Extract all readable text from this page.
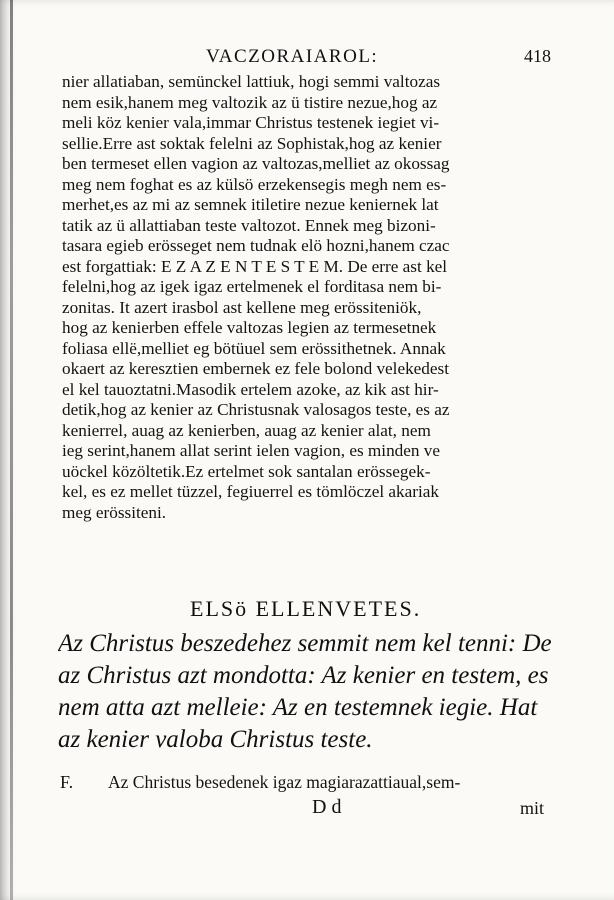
VACZORAIAROL:	418
nier allatiaban, semünckel lattiuk, hogi semmi valtozas
nem esik,hanem meg valtozik az ü tistire nezue,hog az
meli köz kenier vala,immar Christus testenek iegiet vi-
sellie.Erre ast soktak felelni az Sophistak,hog az kenier
ben termeset ellen vagion az valtozas,melliet az okossag
meg nem foghat es az külsö erzekensegis megh nem es-
merhet,es az mi az semnek itiletire nezue keniernek lat
tatik az ü allattiaban teste valtozot. Ennek meg bizoni-
tasara egieb erösseget nem tudnak elö hozni,hanem czac
est forgattiak: E Z A Z E N T E S T E M. De erre ast kel
felelni,hog az igek igaz ertelmenek el forditasa nem bi-
zonitas. It azert irasbol ast kellene meg erössiteniök,
hog az kenierben effele valtozas legien az termesetnek
foliasa ellë,melliet eg bötüuel sem erössithetnek. Annak
okaert az keresztien embernek ez fele bolond velekedest
el kel tauoztatni.Masodik ertelem azoke, az kik ast hir-
detik,hog az kenier az Christusnak valosagos teste, es az
kenierrel, auag az kenierben, auag az kenier alat, nem
ieg serint,hanem allat serint ielen vagion, es minden ve
uöckel közöltetik.Ez ertelmet sok santalan erössegek-
kel, es ez mellet tüzzel, fegiuerrel es tömlöczel akariak
meg erössiteni.
ELSö ELLENVETES.
Az Christus beszedehez semmit nem kel tenni: De
az Christus azt mondotta: Az kenier en testem, es
nem atta azt melleie: Az en testemnek iegie. Hat
az kenier valoba Christus teste.
F. Az Christus besedenek igaz magiarazattiaual,sem-
D d	mit
